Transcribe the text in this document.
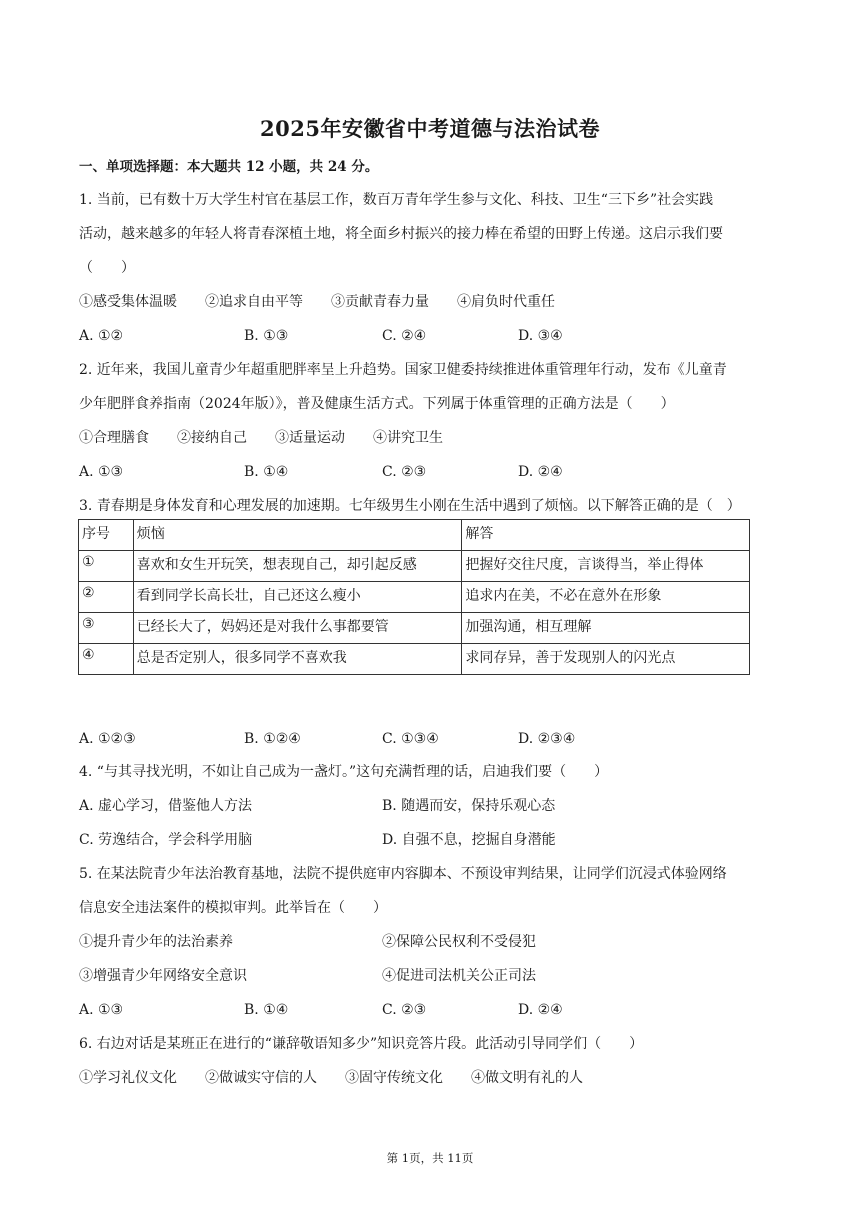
2025年安徽省中考道德与法治试卷
一、单项选择题：本大题共 12 小题，共 24 分。
1. 当前，已有数十万大学生村官在基层工作，数百万青年学生参与文化、科技、卫生“三下乡”社会实践
活动，越来越多的年轻人将青春深植土地，将全面乡村振兴的接力棒在希望的田野上传递。这启示我们要
（　　）
①感受集体温暖　　②追求自由平等　　③贡献青春力量　　④肩负时代重任
A. ①②	B. ①③	C. ②④	D. ③④
2. 近年来，我国儿童青少年超重肥胖率呈上升趋势。国家卫健委持续推进体重管理年行动，发布《儿童青
少年肥胖食养指南（2024年版）》，普及健康生活方式。下列属于体重管理的正确方法是（　　）
①合理膳食　　②接纳自己　　③适量运动　　④讲究卫生
A. ①③	B. ①④	C. ②③	D. ②④
3. 青春期是身体发育和心理发展的加速期。七年级男生小刚在生活中遇到了烦恼。以下解答正确的是（　）
序号	烦恼	解答
①	喜欢和女生开玩笑，想表现自己，却引起反感	把握好交往尺度，言谈得当，举止得体
②	看到同学长高长壮，自己还这么瘦小	追求内在美，不必在意外在形象
③	已经长大了，妈妈还是对我什么事都要管	加强沟通，相互理解
④	总是否定别人，很多同学不喜欢我	求同存异，善于发现别人的闪光点
A. ①②③	B. ①②④	C. ①③④	D. ②③④
4. “与其寻找光明，不如让自己成为一盏灯。”这句充满哲理的话，启迪我们要（　　）
A. 虚心学习，借鉴他人方法	B. 随遇而安，保持乐观心态
C. 劳逸结合，学会科学用脑	D. 自强不息，挖掘自身潜能
5. 在某法院青少年法治教育基地，法院不提供庭审内容脚本、不预设审判结果，让同学们沉浸式体验网络
信息安全违法案件的模拟审判。此举旨在（　　）
①提升青少年的法治素养	②保障公民权利不受侵犯
③增强青少年网络安全意识	④促进司法机关公正司法
A. ①③	B. ①④	C. ②③	D. ②④
6. 右边对话是某班正在进行的“谦辞敬语知多少”知识竞答片段。此活动引导同学们（　　）
①学习礼仪文化　　②做诚实守信的人　　③固守传统文化　　④做文明有礼的人
第 1页，共 11页
